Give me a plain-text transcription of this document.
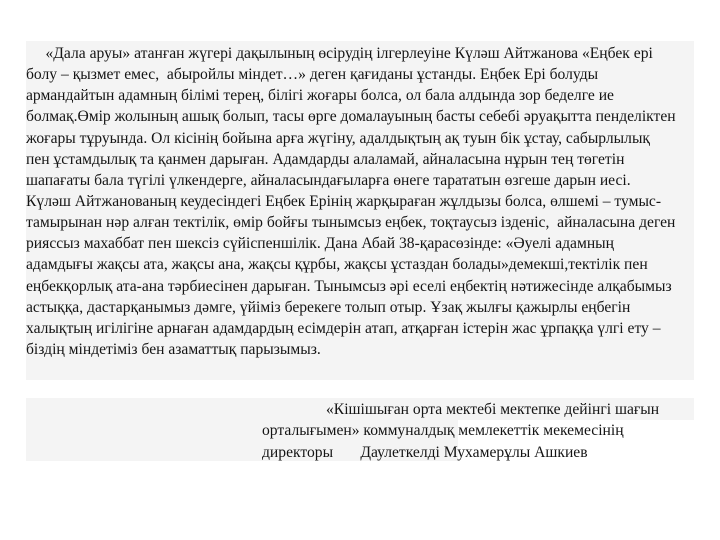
«Дала аруы» атанған жүгері дақылының өсірудің ілгерлеуіне Күләш Айтжанова «Еңбек ері
болу – қызмет емес,  абыройлы міндет…» деген қағиданы ұстанды. Еңбек Ері болуды
армандайтын адамның білімі терең, білігі жоғары болса, ол бала алдында зор беделге ие
болмақ.Өмір жолының ашық болып, тасы өрге домалауының басты себебі әруақытта пенделіктен
жоғары тұруында. Ол кісінің бойына арға жүгіну, адалдықтың ақ туын бік ұстау, сабырлылық
пен ұстамдылық та қанмен дарыған. Адамдарды алаламай, айналасына нұрын тең төгетін
шапағаты бала түгілі үлкендерге, айналасындағыларға өнеге тарататын өзгеше дарын иесі.
Күләш Айтжанованың кеудесіндегі Еңбек Ерінің жарқыраған жұлдызы болса, өлшемі – тумыс-
тамырынан нәр алған тектілік, өмір бойғы тынымсыз еңбек, тоқтаусыз ізденіс,  айналасына деген
рияссыз махаббат пен шексіз сүйіспеншілік. Дана Абай 38-қарасөзінде: «Әуелі адамның
адамдығы жақсы ата, жақсы ана, жақсы құрбы, жақсы ұстаздан болады»демекші,тектілік пен
еңбекқорлық ата-ана тәрбиесінен дарыған. Тынымсыз әрі еселі еңбектің нәтижесінде алқабымыз
астыққа, дастарқанымыз дәмге, үйіміз берекеге толып отыр. Ұзақ жылғы қажырлы еңбегін
халықтың игілігіне арнаған адамдардың есімдерін атап, атқарған істерін жас ұрпаққа үлгі ету –
біздің міндетіміз бен азаматтық парызымыз.
«Кішішыған орта мектебі мектепке дейінгі шағын
орталығымен» коммуналдық мемлекеттік мекемесінің
директоры       Даулеткелді Мухамерұлы Ашкиев
